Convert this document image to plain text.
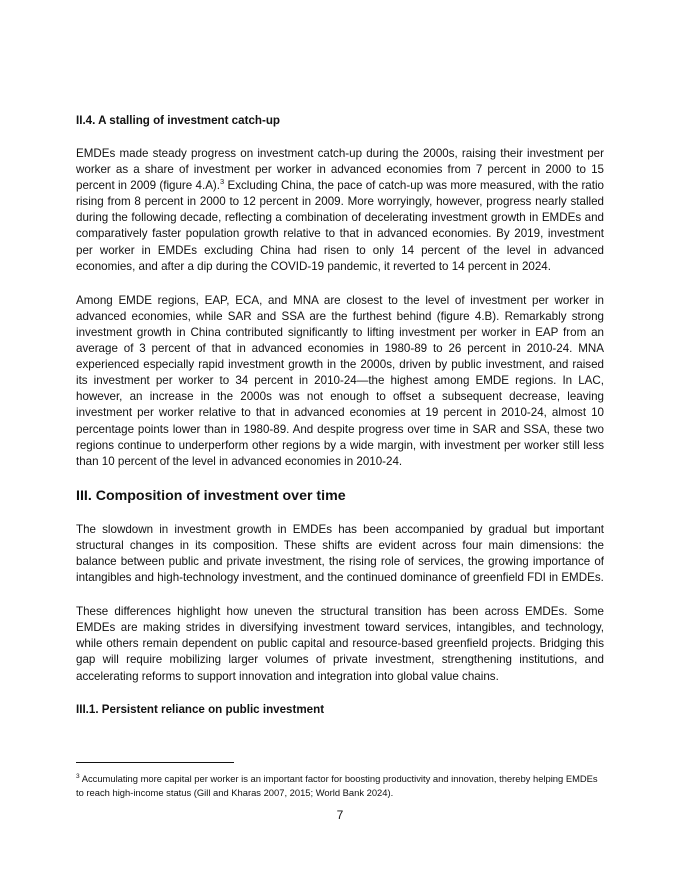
II.4. A stalling of investment catch-up

EMDEs made steady progress on investment catch-up during the 2000s, raising their investment per worker as a share of investment per worker in advanced economies from 7 percent in 2000 to 15 percent in 2009 (figure 4.A).$^3$ Excluding China, the pace of catch-up was more measured, with the ratio rising from 8 percent in 2000 to 12 percent in 2009. More worryingly, however, progress nearly stalled during the following decade, reflecting a combination of decelerating investment growth in EMDEs and comparatively faster population growth relative to that in advanced economies. By 2019, investment per worker in EMDEs excluding China had risen to only 14 percent of the level in advanced economies, and after a dip during the COVID-19 pandemic, it reverted to 14 percent in 2024.

Among EMDE regions, EAP, ECA, and MNA are closest to the level of investment per worker in advanced economies, while SAR and SSA are the furthest behind (figure 4.B). Remarkably strong investment growth in China contributed significantly to lifting investment per worker in EAP from an average of 3 percent of that in advanced economies in 1980-89 to 26 percent in 2010-24. MNA experienced especially rapid investment growth in the 2000s, driven by public investment, and raised its investment per worker to 34 percent in 2010-24—the highest among EMDE regions. In LAC, however, an increase in the 2000s was not enough to offset a subsequent decrease, leaving investment per worker relative to that in advanced economies at 19 percent in 2010-24, almost 10 percentage points lower than in 1980-89. And despite progress over time in SAR and SSA, these two regions continue to underperform other regions by a wide margin, with investment per worker still less than 10 percent of the level in advanced economies in 2010-24.

III. Composition of investment over time

The slowdown in investment growth in EMDEs has been accompanied by gradual but important structural changes in its composition. These shifts are evident across four main dimensions: the balance between public and private investment, the rising role of services, the growing importance of intangibles and high-technology investment, and the continued dominance of greenfield FDI in EMDEs.

These differences highlight how uneven the structural transition has been across EMDEs. Some EMDEs are making strides in diversifying investment toward services, intangibles, and technology, while others remain dependent on public capital and resource-based greenfield projects. Bridging this gap will require mobilizing larger volumes of private investment, strengthening institutions, and accelerating reforms to support innovation and integration into global value chains.

III.1. Persistent reliance on public investment
$^3$ Accumulating more capital per worker is an important factor for boosting productivity and innovation, thereby helping EMDEs to reach high-income status (Gill and Kharas 2007, 2015; World Bank 2024).
7
